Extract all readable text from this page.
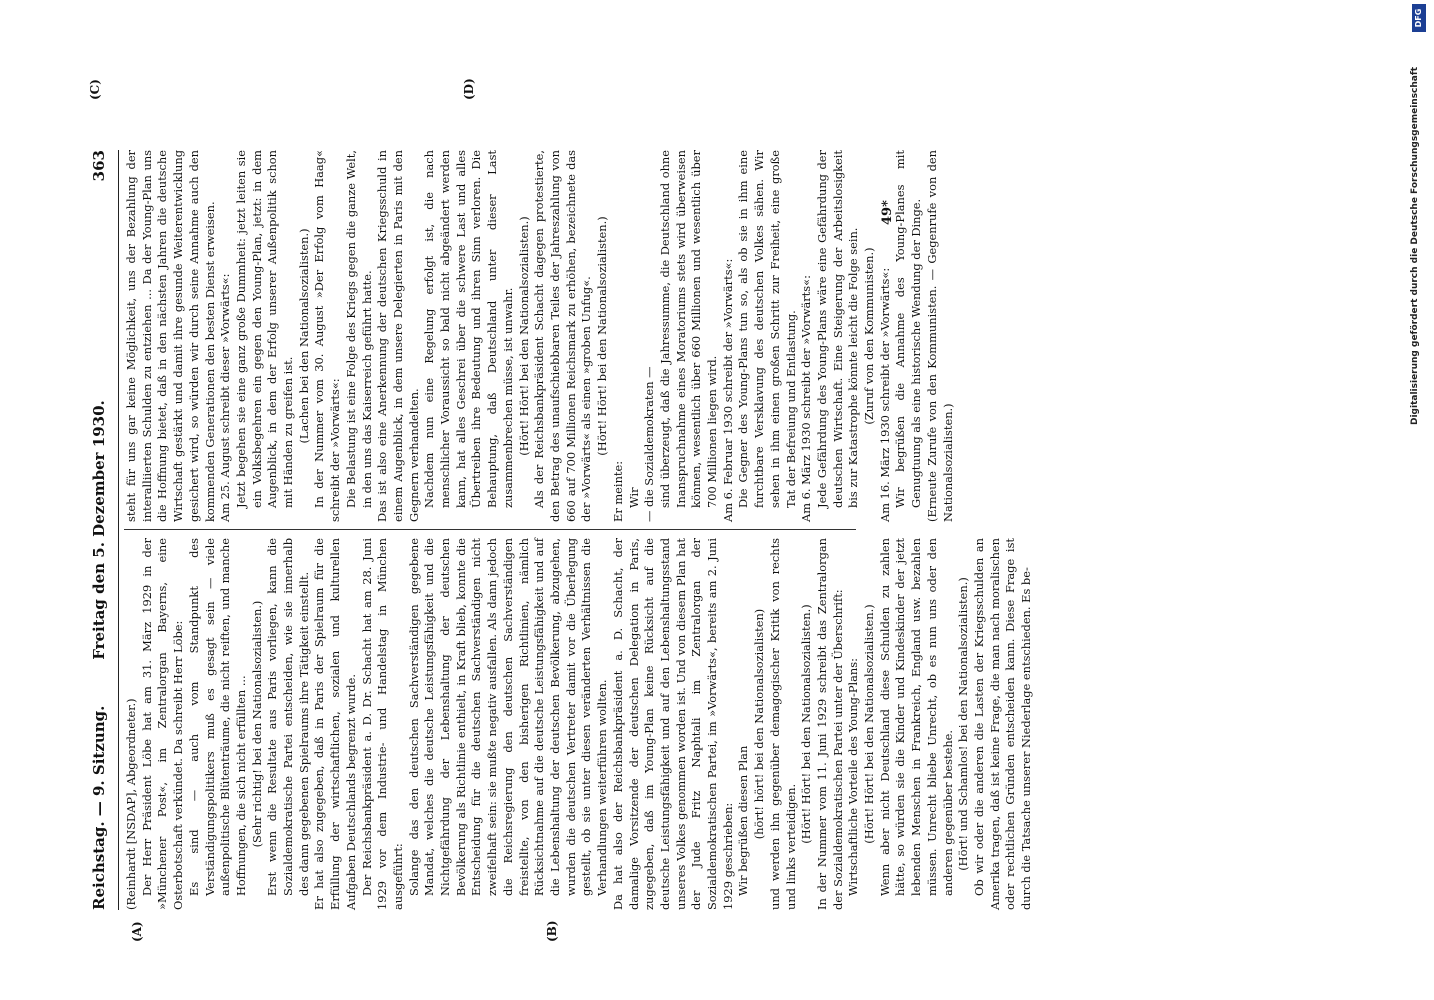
Reichstag. — 9. Sitzung.
Freitag den 5. Dezember 1930.
363
(A)	(B)
(C)	(D)

(Reinhardt [NSDAP], Abgeordneter.) Der Herr Präsident Löbe hat am 31. März 1929 in der »Münchener Post«, im Zentralorgan Bayerns, eine Osterbotschaft verkündet. Da schreibt Herr Löbe: Es sind — auch vom Standpunkt des Verständigungspolitikers muß es gesagt sein — viele außenpolitische Blütenträume, die nicht reiften, und manche Hoffnungen, die sich nicht erfüllten ... (Sehr richtig! bei den Nationalsozialisten.) Erst wenn die Resultate aus Paris vorliegen, kann die Sozialdemokratische Partei entscheiden, wie sie innerhalb des dann gegebenen Spielraums ihre Tätigkeit einstellt. Er hat also zugegeben, daß in Paris der Spielraum für die Erfüllung der wirtschaftlichen, sozialen und kulturellen Aufgaben Deutschlands begrenzt wurde. Der Reichsbankpräsident a. D. Dr. Schacht hat am 28. Juni 1929 vor dem Industrie- und Handelstag in München ausgeführt: Solange das den deutschen Sachverständigen gegebene Mandat, welches die deutsche Leistungsfähigkeit und die Nichtgefährdung der Lebenshaltung der deutschen Bevölkerung als Richtlinie enthielt, in Kraft blieb, konnte die Entscheidung für die deutschen Sachverständigen nicht zweifelhaft sein: sie mußte negativ ausfallen. Als dann jedoch die Reichsregierung den deutschen Sachverständigen freistellte, von den bisherigen Richtlinien, nämlich Rücksichtnahme auf die deutsche Leistungsfähigkeit und auf die Lebenshaltung der deutschen Bevölkerung, abzugehen, wurden die deutschen Vertreter damit vor die Überlegung gestellt, ob sie unter diesen veränderten Verhältnissen die Verhandlungen weiterführen wollten. Da hat also der Reichsbankpräsident a. D. Schacht, der damalige Vorsitzende der deutschen Delegation in Paris, zugegeben, daß im Young-Plan keine Rücksicht auf die deutsche Leistungsfähigkeit und auf den Lebenshaltungsstand unseres Volkes genommen worden ist. Und von diesem Plan hat der Jude Fritz Naphtali im Zentralorgan der Sozialdemokratischen Partei, im »Vorwärts«, bereits am 2. Juni 1929 geschrieben: Wir begrüßen diesen Plan (hört! hört! bei den Nationalsozialisten) und werden ihn gegenüber demagogischer Kritik von rechts und links verteidigen.

(Hört! Hört! bei den Nationalsozialisten.) In der Nummer vom 11. Juni 1929 schreibt das Zentralorgan der Sozialdemokratischen Partei unter der Überschrift: Wirtschaftliche Vorteile des Young-Plans: (Hört! Hört! bei den Nationalsozialisten.) Wenn aber nicht Deutschland diese Schulden zu zahlen hätte, so würden sie die Kinder und Kindeskinder der jetzt lebenden Menschen in Frankreich, England usw. bezahlen müssen. Unrecht bliebe Unrecht, ob es nun uns oder den anderen gegenüber bestehe. (Hört! und Schamlos! bei den Nationalsozialisten.) Ob wir oder die anderen die Lasten der Kriegsschulden an Amerika tragen, daß ist keine Frage, die man nach moralischen oder rechtlichen Gründen entscheiden kann. Diese Frage ist durch die Tatsache unserer Niederlage entschieden. Es be-

steht für uns gar keine Möglichkeit, uns der Bezahlung der interalliierten Schulden zu entziehen ... Da der Young-Plan uns die Hoffnung bietet, daß in den nächsten Jahren die deutsche Wirtschaft gestärkt und damit ihre gesunde Weiterentwicklung gesichert wird, so würden wir durch seine Annahme auch den kommenden Generationen den besten Dienst erweisen. Am 25. August schreibt dieser »Vorwärts«: Jetzt begehen sie eine ganz große Dummheit: jetzt leiten sie ein Volksbegehren ein gegen den Young-Plan, jetzt: in dem Augenblick, in dem der Erfolg unserer Außenpolitik schon mit Händen zu greifen ist. (Lachen bei den Nationalsozialisten.) In der Nummer vom 30. August »Der Erfolg vom Haag« schreibt der »Vorwärts«: Die Belastung ist eine Folge des Kriegs gegen die ganze Welt, in den uns das Kaiserreich geführt hatte. Das ist also eine Anerkennung der deutschen Kriegsschuld in einem Augenblick, in dem unsere Delegierten in Paris mit den Gegnern verhandelten. Nachdem nun eine Regelung erfolgt ist, die nach menschlicher Voraussicht so bald nicht abgeändert werden kann, hat alles Geschrei über die schwere Last und alles Übertreiben ihre Bedeutung und ihren Sinn verloren. Die Behauptung, daß Deutschland unter dieser Last zusammenbrechen müsse, ist unwahr. (Hört! Hört! bei den Nationalsozialisten.) Als der Reichsbankpräsident Schacht dagegen protestierte, den Betrag des unaufschiebbaren Teiles der Jahreszahlung von 660 auf 700 Millionen Reichsmark zu erhöhen, bezeichnete das der »Vorwärts« als einen »groben Unfug«. (Hört! Hört! bei den Nationalsozialisten.)

Er meinte: Wir — die Sozialdemokraten — sind überzeugt, daß die Jahressumme, die Deutschland ohne Inanspruchnahme eines Moratoriums stets wird überweisen können, wesentlich über 660 Millionen und wesentlich über 700 Millionen liegen wird. Am 6. Februar 1930 schreibt der »Vorwärts«: Die Gegner des Young-Plans tun so, als ob sie in ihm eine furchtbare Versklavung des deutschen Volkes sähen. Wir sehen in ihm einen großen Schritt zur Freiheit, eine große Tat der Befreiung und Entlastung. Am 6. März 1930 schreibt der »Vorwärts«: Jede Gefährdung des Young-Plans wäre eine Gefährdung der deutschen Wirtschaft. Eine Steigerung der Arbeitslosigkeit bis zur Katastrophe könnte leicht die Folge sein. (Zuruf von den Kommunisten.) Am 16. März 1930 schreibt der »Vorwärts«: Wir begrüßen die Annahme des Young-Planes mit Genugtuung als eine historische Wendung der Dinge. (Erneute Zurufe von den Kommunisten. — Gegenrufe von den Nationalsozialisten.)

49*	Digitalisierung gefördert durch die Deutsche Forschungsgemeinschaft
DFG
